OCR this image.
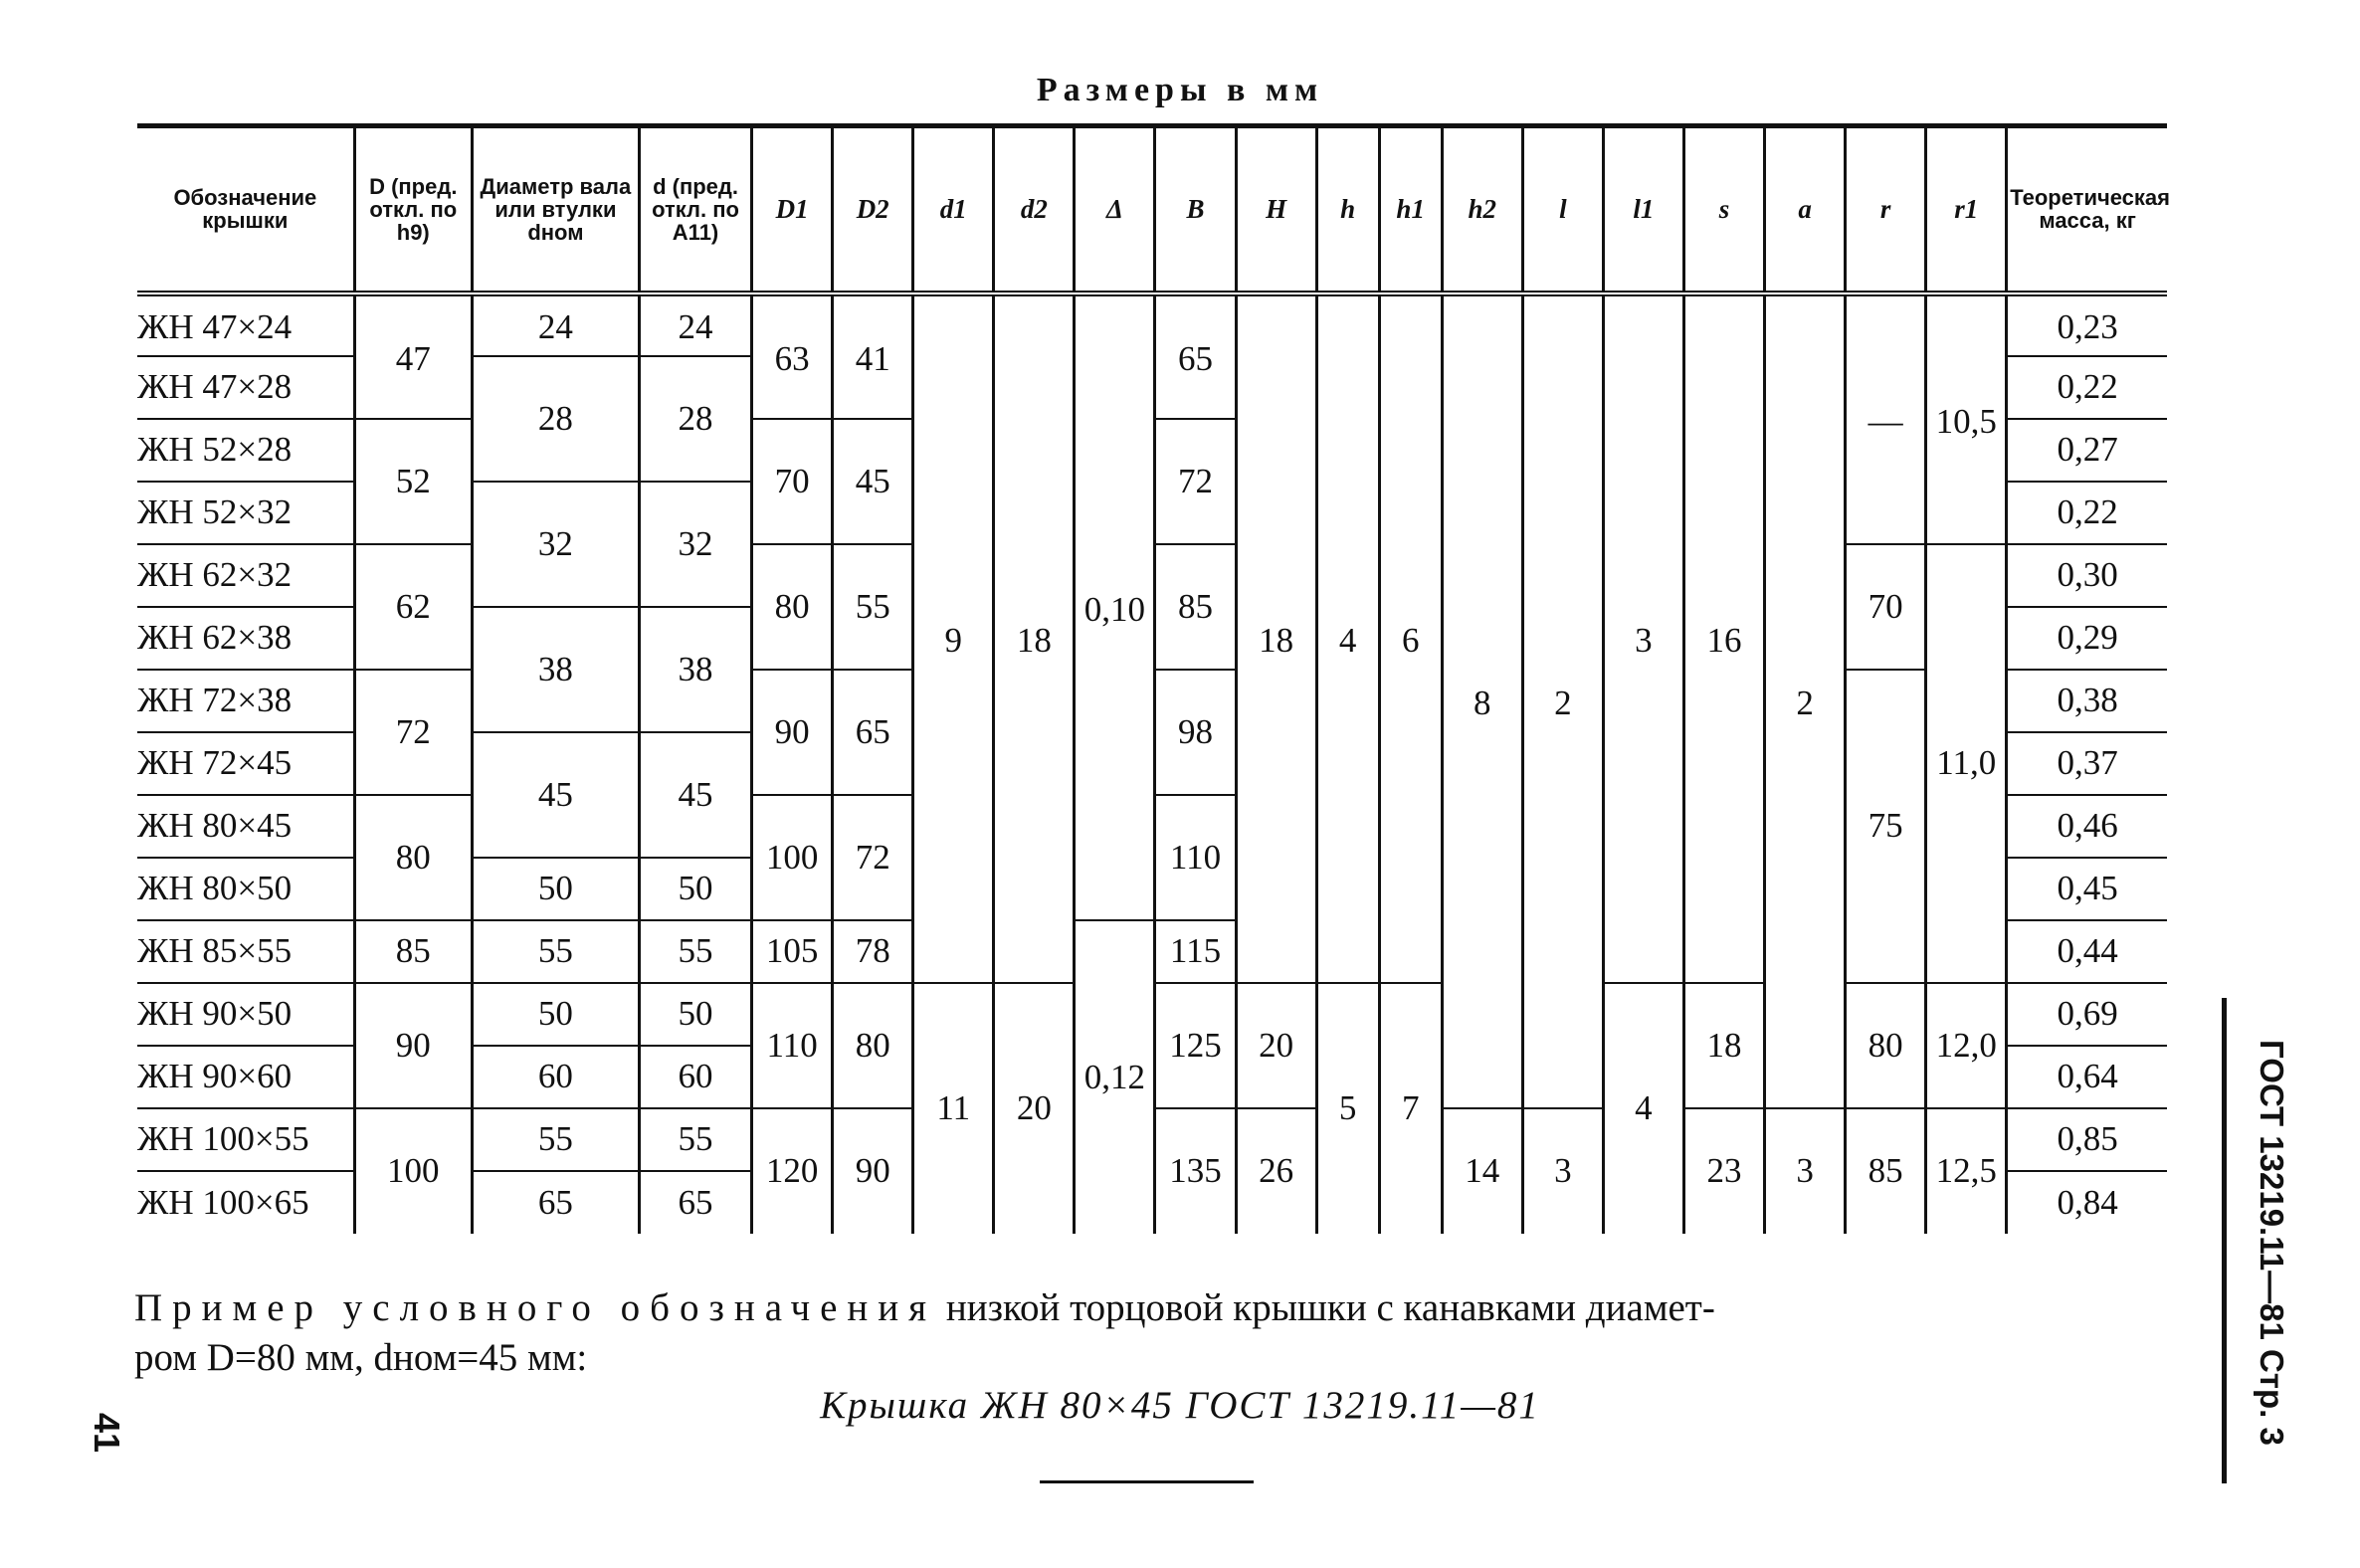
Размеры в мм
Обозначение крышки	D (пред. откл. по h9)	Диаметр вала или втулки dном	d (пред. откл. по A11)	D1	D2	d1	d2	Δ	B	H	h	h1	h2	l	l1	s	a	r	r1	Теоретическая масса, кг
ЖН 47×24	47	24	24	63	41	9	18	0,10	65	18	4	6	8	2	3	16	2	—	10,5	0,23
ЖН 47×28		28	28																	0,22
ЖН 52×28	52			70	45				72											0,27
ЖН 52×32		32	32																	0,22
ЖН 62×32	62			80	55				85									70	11,0	0,30
ЖН 62×38		38	38																	0,29
ЖН 72×38	72			90	65				98									75		0,38
ЖН 72×45		45	45																	0,37
ЖН 80×45	80			100	72				110											0,46
ЖН 80×50		50	50																	0,45
ЖН 85×55	85	55	55	105	78			0,12	115											0,44
ЖН 90×50	90	50	50	110	80	11	20		125	20	5	7			4	18		80	12,0	0,69
ЖН 90×60		60	60																	0,64
ЖН 100×55	100	55	55	120	90				135	26			14	3		23	3	85	12,5	0,85
ЖН 100×65		65	65																	0,84
Пример условного обозначения низкой торцовой крышки с канавками диамет-
ром D=80 мм, dном=45 мм:
Крышка ЖН 80×45 ГОСТ 13219.11—81	ГОСТ 13219.11—81 Стр. 3
41
